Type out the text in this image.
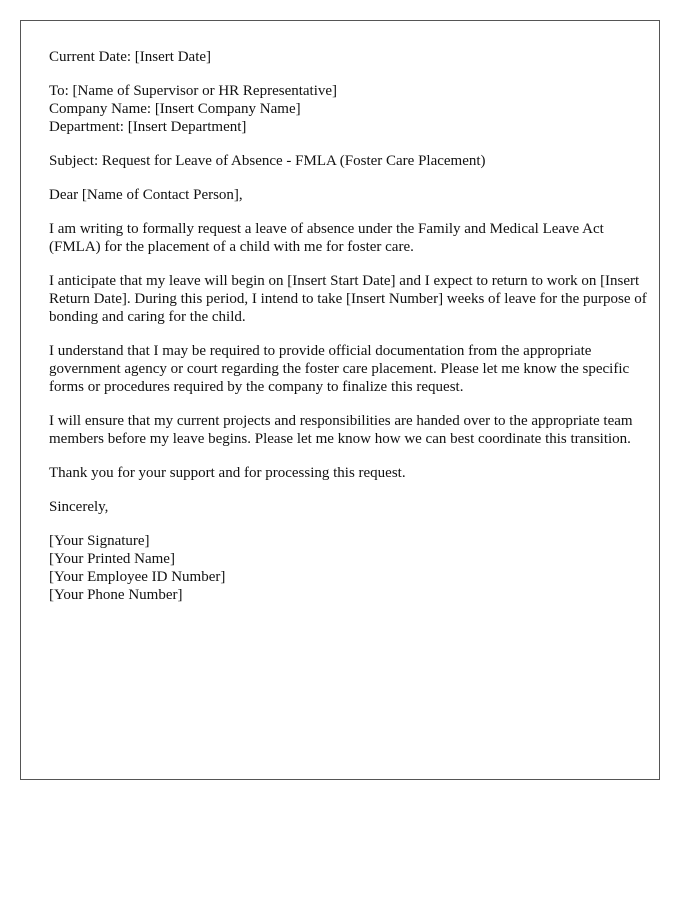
Current Date: [Insert Date]

To: [Name of Supervisor or HR Representative]
Company Name: [Insert Company Name]
Department: [Insert Department]

Subject: Request for Leave of Absence - FMLA (Foster Care Placement)

Dear [Name of Contact Person],

I am writing to formally request a leave of absence under the Family and Medical Leave Act (FMLA) for the placement of a child with me for foster care.

I anticipate that my leave will begin on [Insert Start Date] and I expect to return to work on [Insert Return Date]. During this period, I intend to take [Insert Number] weeks of leave for the purpose of bonding and caring for the child.

I understand that I may be required to provide official documentation from the appropriate government agency or court regarding the foster care placement. Please let me know the specific forms or procedures required by the company to finalize this request.

I will ensure that my current projects and responsibilities are handed over to the appropriate team members before my leave begins. Please let me know how we can best coordinate this transition.

Thank you for your support and for processing this request.

Sincerely,

[Your Signature]
[Your Printed Name]
[Your Employee ID Number]
[Your Phone Number]
